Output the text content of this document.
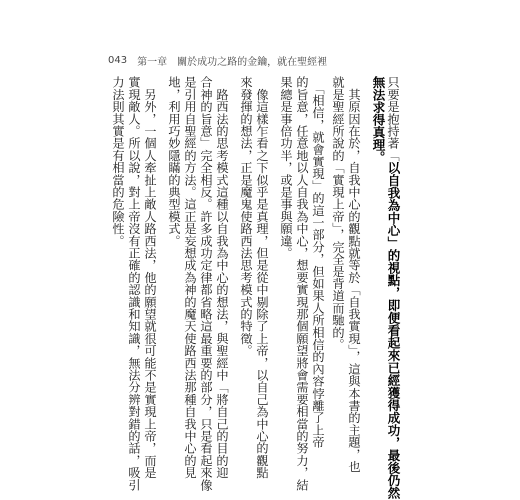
043 第一章 關於成功之路的金鑰，就在聖經裡
只要是抱持著「以自我為中心」的視點，即便看起來已經獲得成功，最後仍然
無法求得真理。
　其原因在於，自我中心的觀點就等於「自我實現」，這與本書的主題，也
就是聖經所說的「實現上帝」，完全是背道而馳的。
　「相信，就會實現」的這一部分，但如果人所相信的內容悖離了上帝
的旨意，任意地以人自我為中心，想要實現那個願望將會需要相當的努力，結
果總是事倍功半，或是事與願違。
　像這樣乍看之下似乎是真理，但是從中剔除了上帝，以自己為中心的觀點
來發揮的想法，正是魔鬼使路西法思考模式的特徵。
　路西法的思考模式這種以自我為中心的想法，與聖經中「將自己的目的迎
合神的旨意」完全相反。許多成功定律都省略這最重要的部分，只是看起來像
是引用自聖經的方法。這正是妄想成為神的魔天使路西法那種自我中心的見
地，利用巧妙隱瞞的典型模式。
　另外，一個人牽扯上敵人路西法，他的願望就很可能不是實現上帝，而是
實現敵人。所以說，對上帝沒有正確的認識和知識，無法分辨對錯的話，吸引
力法則其實是有相當的危險性。
